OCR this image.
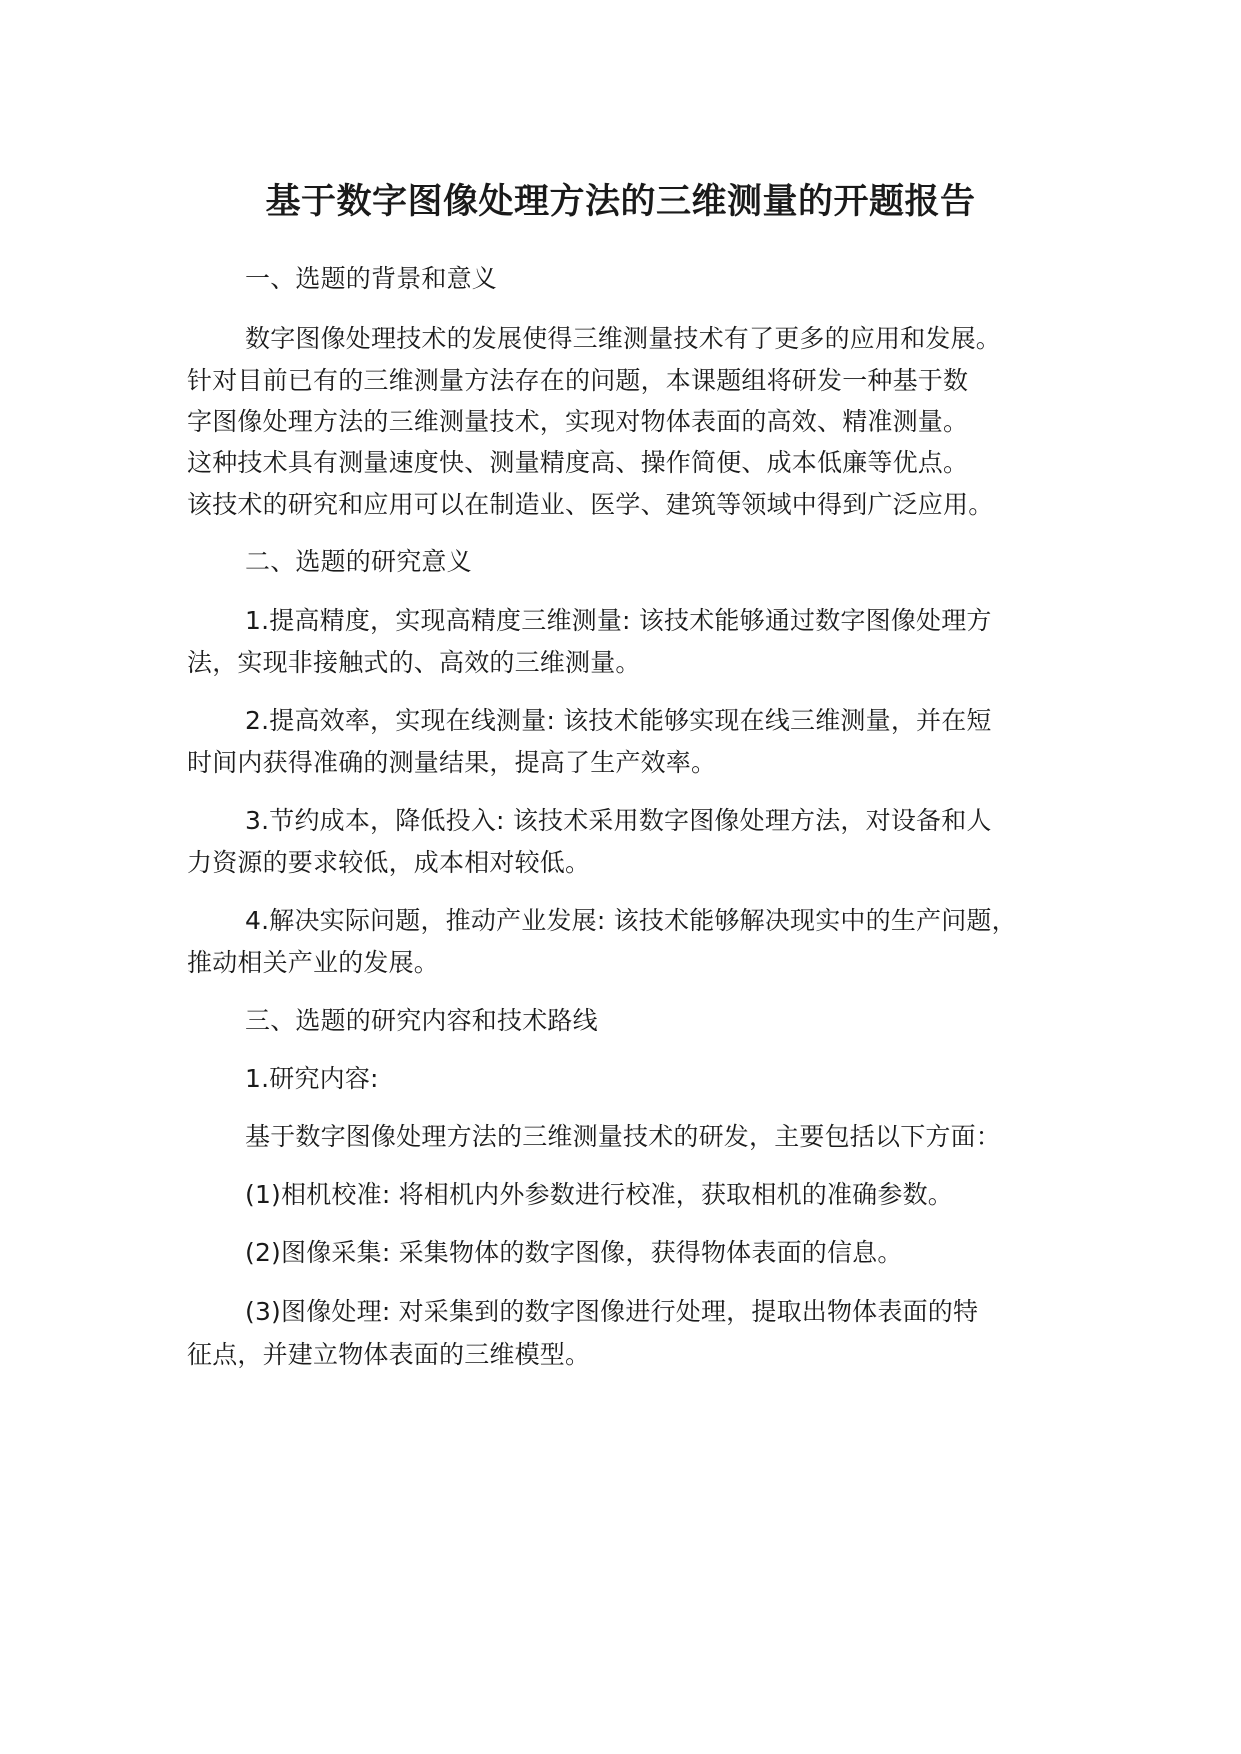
基于数字图像处理方法的三维测量的开题报告
一、选题的背景和意义
数字图像处理技术的发展使得三维测量技术有了更多的应用和发展。
针对目前已有的三维测量方法存在的问题，本课题组将研发一种基于数
字图像处理方法的三维测量技术，实现对物体表面的高效、精准测量。
这种技术具有测量速度快、测量精度高、操作简便、成本低廉等优点。
该技术的研究和应用可以在制造业、医学、建筑等领域中得到广泛应用。
二、选题的研究意义
1.提高精度，实现高精度三维测量: 该技术能够通过数字图像处理方
法，实现非接触式的、高效的三维测量。
2.提高效率，实现在线测量: 该技术能够实现在线三维测量，并在短
时间内获得准确的测量结果，提高了生产效率。
3.节约成本，降低投入: 该技术采用数字图像处理方法，对设备和人
力资源的要求较低，成本相对较低。
4.解决实际问题，推动产业发展: 该技术能够解决现实中的生产问题，
推动相关产业的发展。
三、选题的研究内容和技术路线
1.研究内容:
基于数字图像处理方法的三维测量技术的研发，主要包括以下方面：
(1)相机校准: 将相机内外参数进行校准，获取相机的准确参数。
(2)图像采集: 采集物体的数字图像，获得物体表面的信息。
(3)图像处理: 对采集到的数字图像进行处理，提取出物体表面的特
征点，并建立物体表面的三维模型。
